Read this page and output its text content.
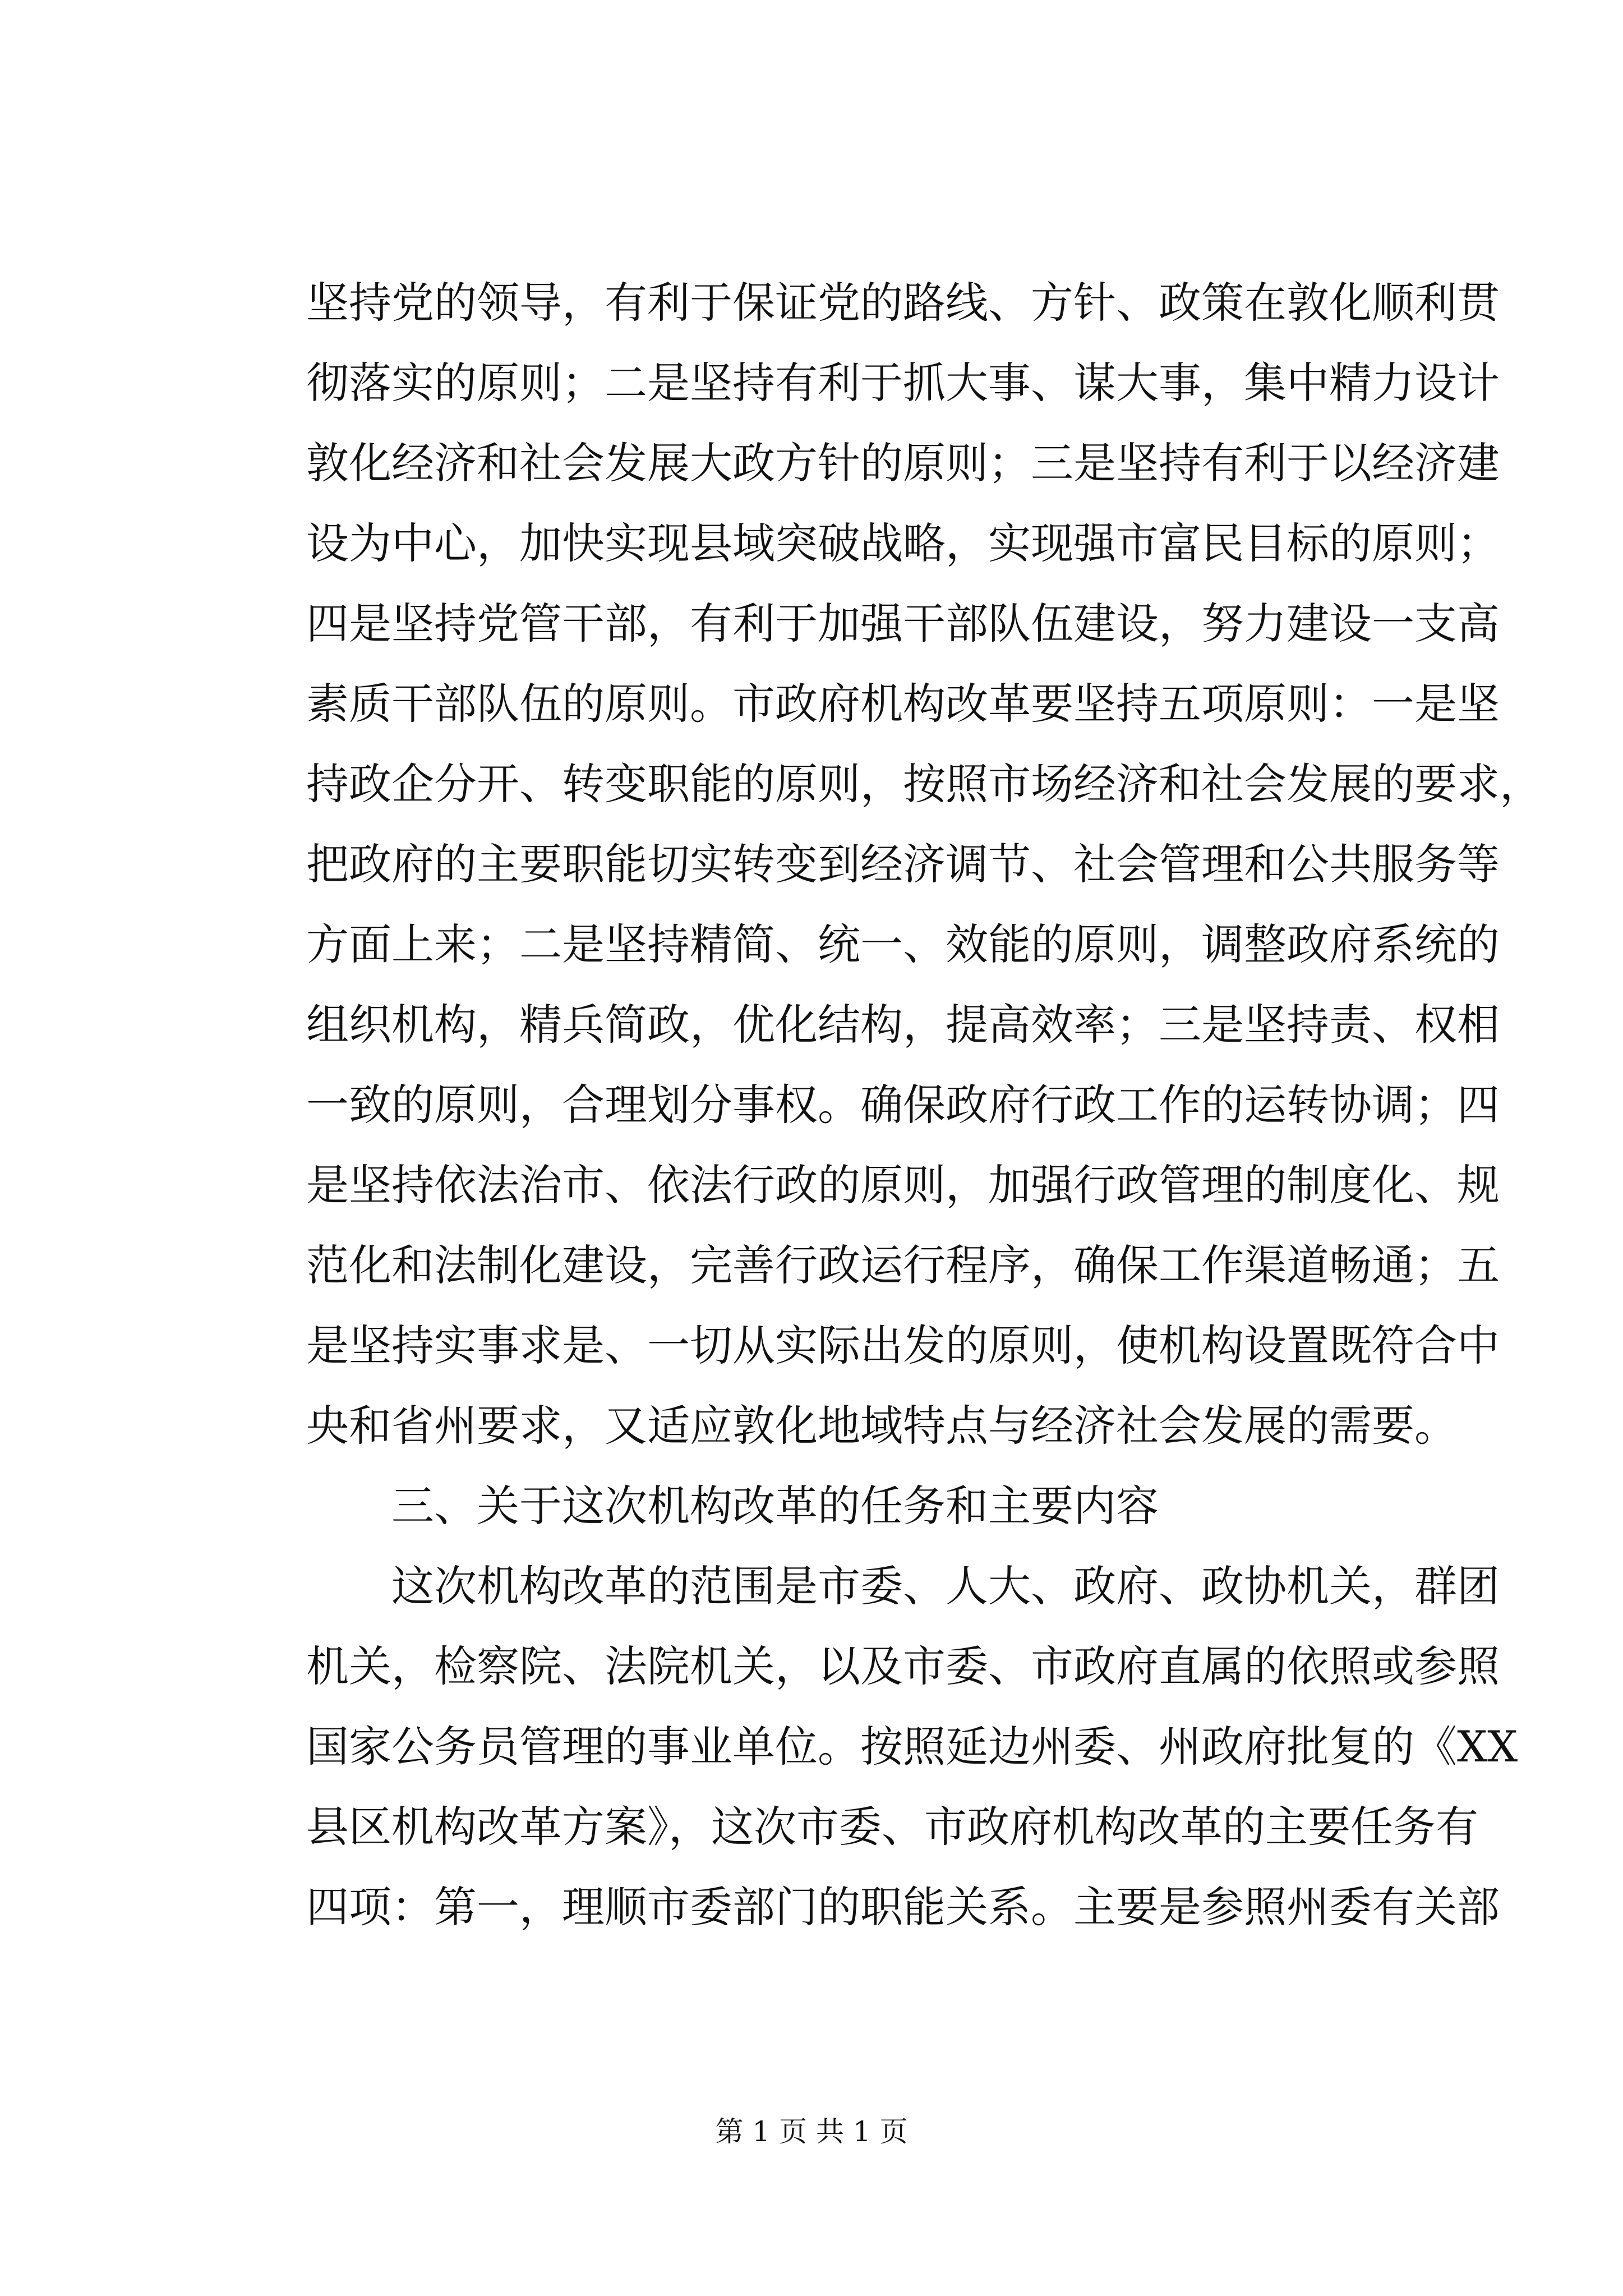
坚持党的领导，有利于保证党的路线、方针、政策在敦化顺利贯
彻落实的原则；二是坚持有利于抓大事、谋大事，集中精力设计
敦化经济和社会发展大政方针的原则；三是坚持有利于以经济建
设为中心，加快实现县域突破战略，实现强市富民目标的原则；
四是坚持党管干部，有利于加强干部队伍建设，努力建设一支高
素质干部队伍的原则。市政府机构改革要坚持五项原则：一是坚
持政企分开、转变职能的原则，按照市场经济和社会发展的要求，
把政府的主要职能切实转变到经济调节、社会管理和公共服务等
方面上来；二是坚持精简、统一、效能的原则，调整政府系统的
组织机构，精兵简政，优化结构，提高效率；三是坚持责、权相
一致的原则，合理划分事权。确保政府行政工作的运转协调；四
是坚持依法治市、依法行政的原则，加强行政管理的制度化、规
范化和法制化建设，完善行政运行程序，确保工作渠道畅通；五
是坚持实事求是、一切从实际出发的原则，使机构设置既符合中
央和省州要求，又适应敦化地域特点与经济社会发展的需要。
三、关于这次机构改革的任务和主要内容
这次机构改革的范围是市委、人大、政府、政协机关，群团
机关，检察院、法院机关，以及市委、市政府直属的依照或参照
国家公务员管理的事业单位。按照延边州委、州政府批复的《XX
县区机构改革方案》，这次市委、市政府机构改革的主要任务有
四项：第一，理顺市委部门的职能关系。主要是参照州委有关部
第 1 页 共 1 页
